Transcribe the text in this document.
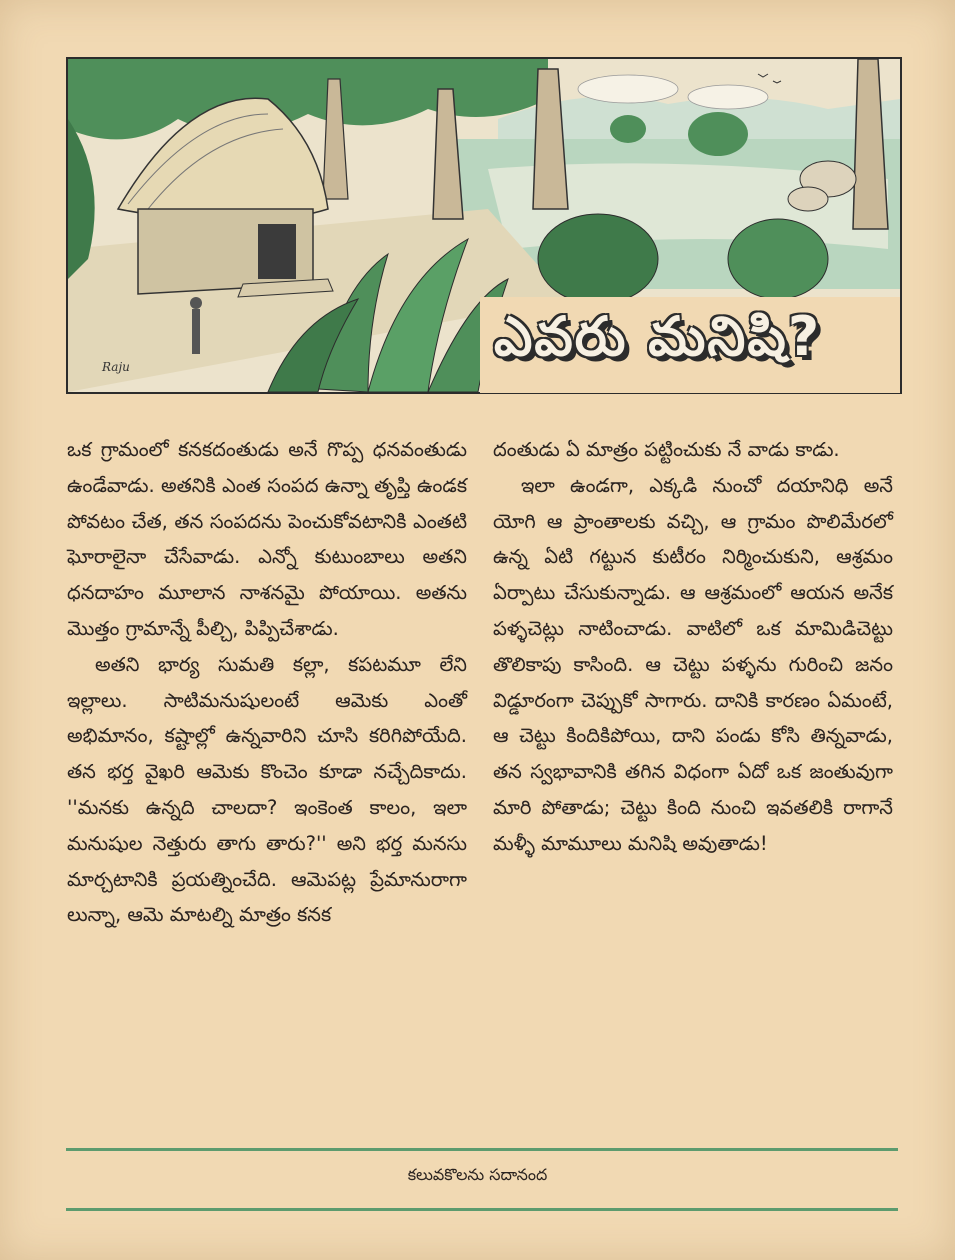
ఎవరు మనిషి?
Raju

ఒక గ్రామంలో కనకదంతుడు అనే గొప్ప ధనవంతుడు ఉండేవాడు. అతనికి ఎంత సంపద ఉన్నా తృప్తి ఉండక పోవటం చేత, తన సంపదను పెంచుకోవటానికి ఎంతటి ఘోరాలైనా చేసేవాడు. ఎన్నో కుటుంబాలు అతని ధనదాహం మూలాన నాశనమై పోయాయి. అతను మొత్తం గ్రామాన్నే పీల్చి, పిప్పిచేశాడు.

అతని భార్య సుమతి కల్లా, కపటమూ లేని ఇల్లాలు. సాటిమనుషులంటే ఆమెకు ఎంతో అభిమానం, కష్టాల్లో ఉన్నవారిని చూసి కరిగిపోయేది. తన భర్త వైఖరి ఆమెకు కొంచెం కూడా నచ్చేదికాదు. ''మనకు ఉన్నది చాలదా? ఇంకెంత కాలం, ఇలా మనుషుల నెత్తురు తాగు తారు?'' అని భర్త మనసు మార్చటానికి ప్రయత్నించేది. ఆమెపట్ల ప్రేమానురాగా లున్నా, ఆమె మాటల్ని మాత్రం కనక

దంతుడు ఏ మాత్రం పట్టించుకు నే వాడు కాడు.

ఇలా ఉండగా, ఎక్కడి నుంచో దయానిధి అనే యోగి ఆ ప్రాంతాలకు వచ్చి, ఆ గ్రామం పొలిమేరలో ఉన్న ఏటి గట్టున కుటీరం నిర్మించుకుని, ఆశ్రమం ఏర్పాటు చేసుకున్నాడు. ఆ ఆశ్రమంలో ఆయన అనేక పళ్ళచెట్లు నాటించాడు. వాటిలో ఒక మామిడిచెట్టు తొలికాపు కాసింది. ఆ చెట్టు పళ్ళను గురించి జనం విడ్డూరంగా చెప్పుకో సాగారు. దానికి కారణం ఏమంటే, ఆ చెట్టు కిందికిపోయి, దాని పండు కోసి తిన్నవాడు, తన స్వభావానికి తగిన విధంగా ఏదో ఒక జంతువుగా మారి పోతాడు; చెట్టు కింది నుంచి ఇవతలికి రాగానే మళ్ళీ మామూలు మనిషి అవుతాడు!

కలువకొలను సదానంద
